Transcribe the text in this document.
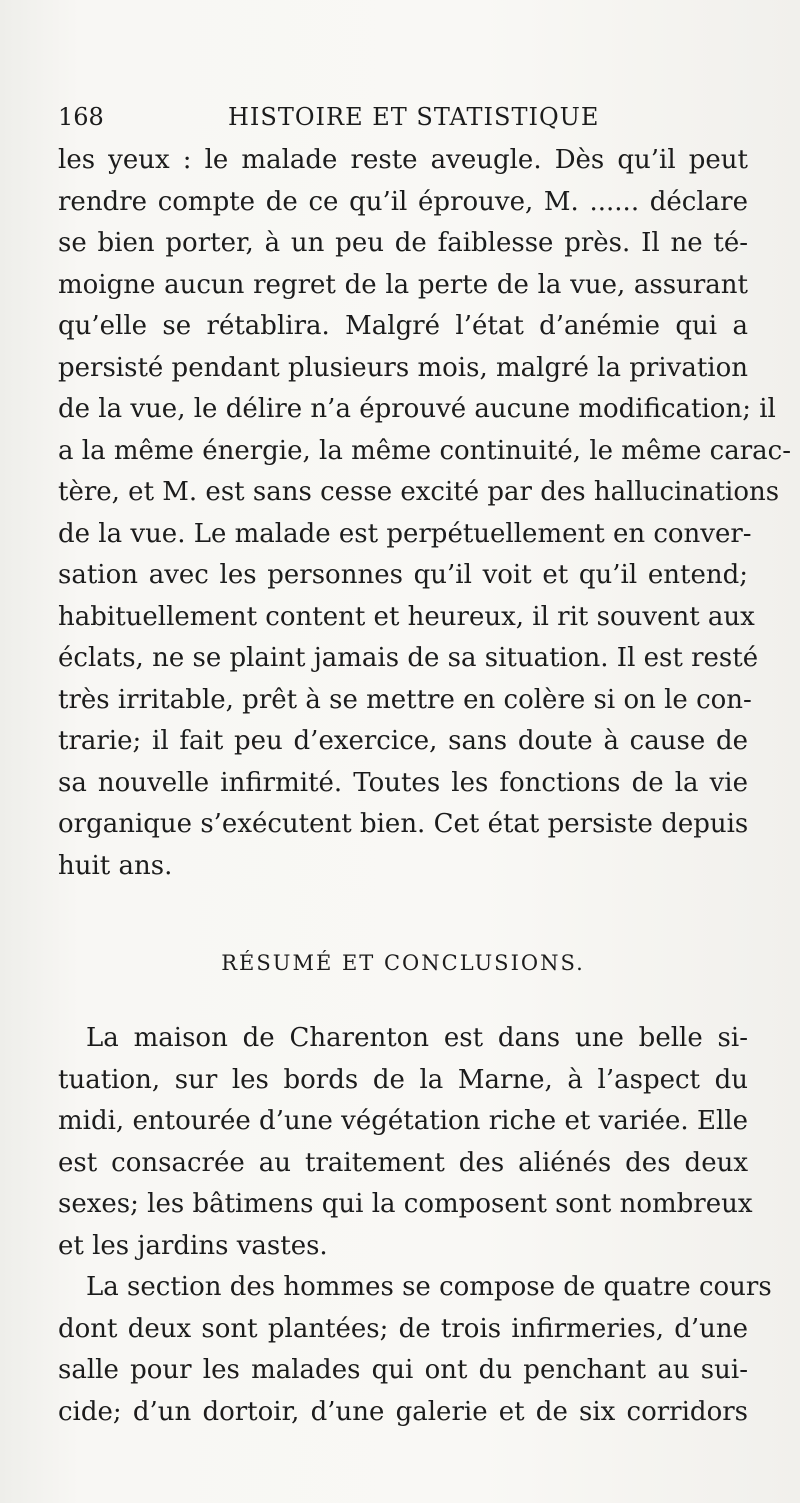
168	HISTOIRE ET STATISTIQUE
les yeux : le malade reste aveugle. Dès qu’il peut
rendre compte de ce qu’il éprouve, M. ...... déclare
se bien porter, à un peu de faiblesse près. Il ne té-
moigne aucun regret de la perte de la vue, assurant
qu’elle se rétablira. Malgré l’état d’anémie qui a
persisté pendant plusieurs mois, malgré la privation
de la vue, le délire n’a éprouvé aucune modification; il
a la même énergie, la même continuité, le même carac-
tère, et M. est sans cesse excité par des hallucinations
de la vue. Le malade est perpétuellement en conver-
sation avec les personnes qu’il voit et qu’il entend;
habituellement content et heureux, il rit souvent aux
éclats, ne se plaint jamais de sa situation. Il est resté
très irritable, prêt à se mettre en colère si on le con-
trarie; il fait peu d’exercice, sans doute à cause de
sa nouvelle infirmité. Toutes les fonctions de la vie
organique s’exécutent bien. Cet état persiste depuis
huit ans.
RÉSUMÉ ET CONCLUSIONS.
La maison de Charenton est dans une belle si-
tuation, sur les bords de la Marne, à l’aspect du
midi, entourée d’une végétation riche et variée. Elle
est consacrée au traitement des aliénés des deux
sexes; les bâtimens qui la composent sont nombreux
et les jardins vastes.
La section des hommes se compose de quatre cours
dont deux sont plantées; de trois infirmeries, d’une
salle pour les malades qui ont du penchant au sui-
cide; d’un dortoir, d’une galerie et de six corridors
